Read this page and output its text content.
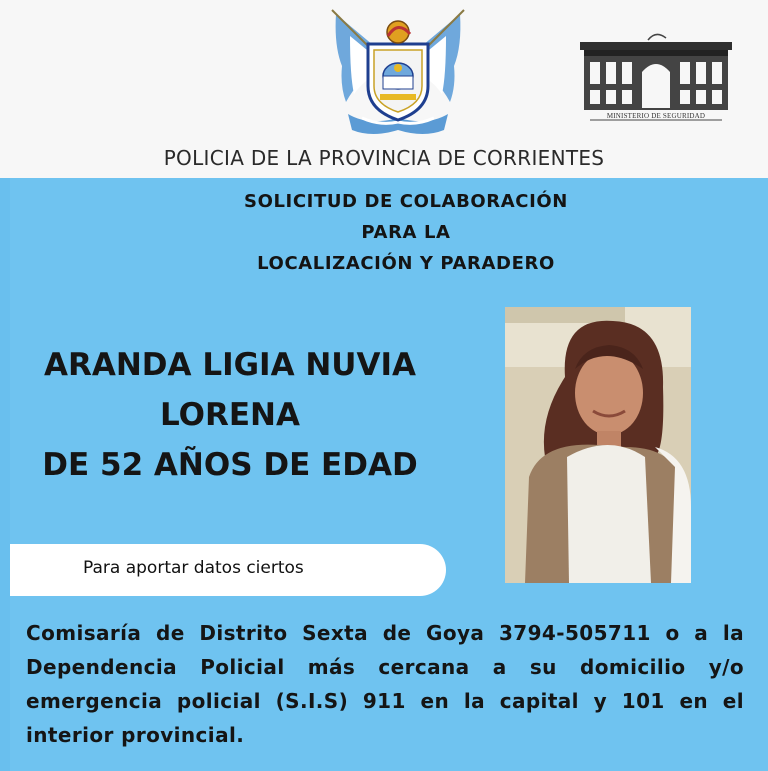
MINISTERIO DE SEGURIDAD
POLICIA DE LA PROVINCIA DE CORRIENTES
SOLICITUD DE COLABORACIÓN
PARA LA
LOCALIZACIÓN Y PARADERO
ARANDA LIGIA NUVIA
LORENA
DE 52 AÑOS DE EDAD
Para aportar datos ciertos
Comisaría de Distrito Sexta de Goya 3794-505711 o a la Dependencia Policial más cercana a su domicilio y/o emergencia policial (S.I.S) 911 en la capital y 101 en el interior provincial.
